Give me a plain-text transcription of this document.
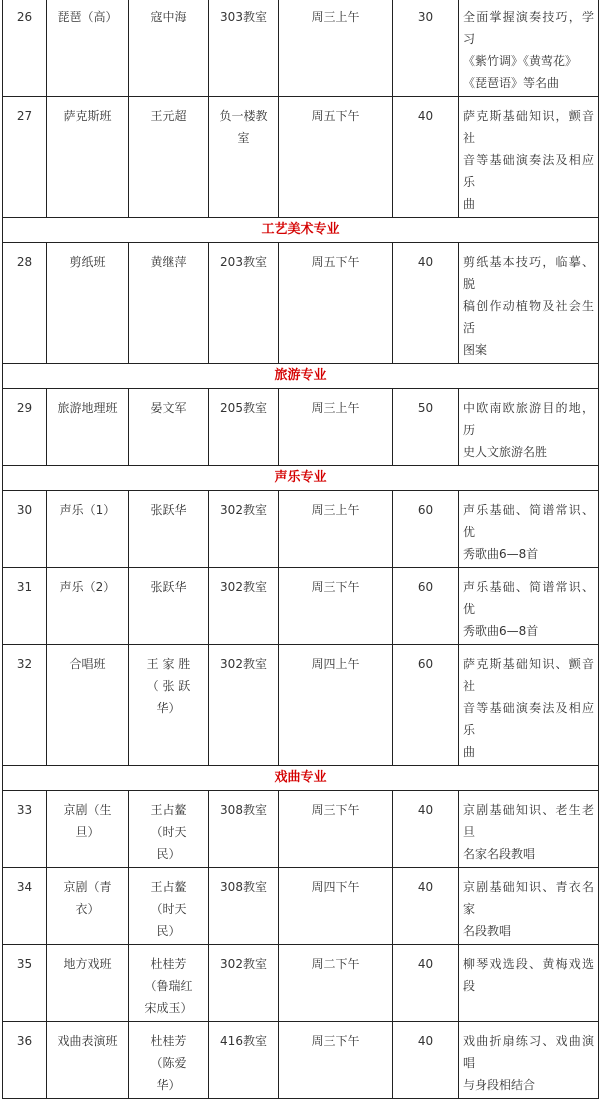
26	琵琶（高）	寇中海	303教室	周三上午	30	全面掌握演奏技巧，学习
《紫竹调》《黄莺花》
《琵琶语》等名曲

27	萨克斯班	王元超	负一楼教
室	周五下午	40	萨克斯基础知识，颤音社
音等基础演奏法及相应乐
曲

工艺美术专业						
28	剪纸班	黄继萍	203教室	周五下午	40	剪纸基本技巧，临摹、脱
稿创作动植物及社会生活
图案

旅游专业						
29	旅游地理班	晏文军	205教室	周三上午	50	中欧南欧旅游目的地，历
史人文旅游名胜

声乐专业						
30	声乐（1）	张跃华	302教室	周三上午	60	声乐基础、简谱常识、优
秀歌曲6—8首

31	声乐（2）	张跃华	302教室	周三下午	60	声乐基础、简谱常识、优
秀歌曲6—8首

32	合唱班	王 家 胜
（ 张 跃
华）	302教室	周四上午	60	萨克斯基础知识、颤音社
音等基础演奏法及相应乐
曲

戏曲专业						
33	京剧（生
旦）	王占鳌
（时天
民）	308教室	周三下午	40	京剧基础知识、老生老旦
名家名段教唱

34	京剧（青
衣）	王占鳌
（时天
民）	308教室	周四下午	40	京剧基础知识、青衣名家
名段教唱

35	地方戏班	杜桂芳
（鲁瑞红
宋成玉）	302教室	周二下午	40	柳琴戏选段、黄梅戏选段

36	戏曲表演班	杜桂芳
（陈爱
华）	416教室	周三下午	40	戏曲折扇练习、戏曲演唱
与身段相结合
